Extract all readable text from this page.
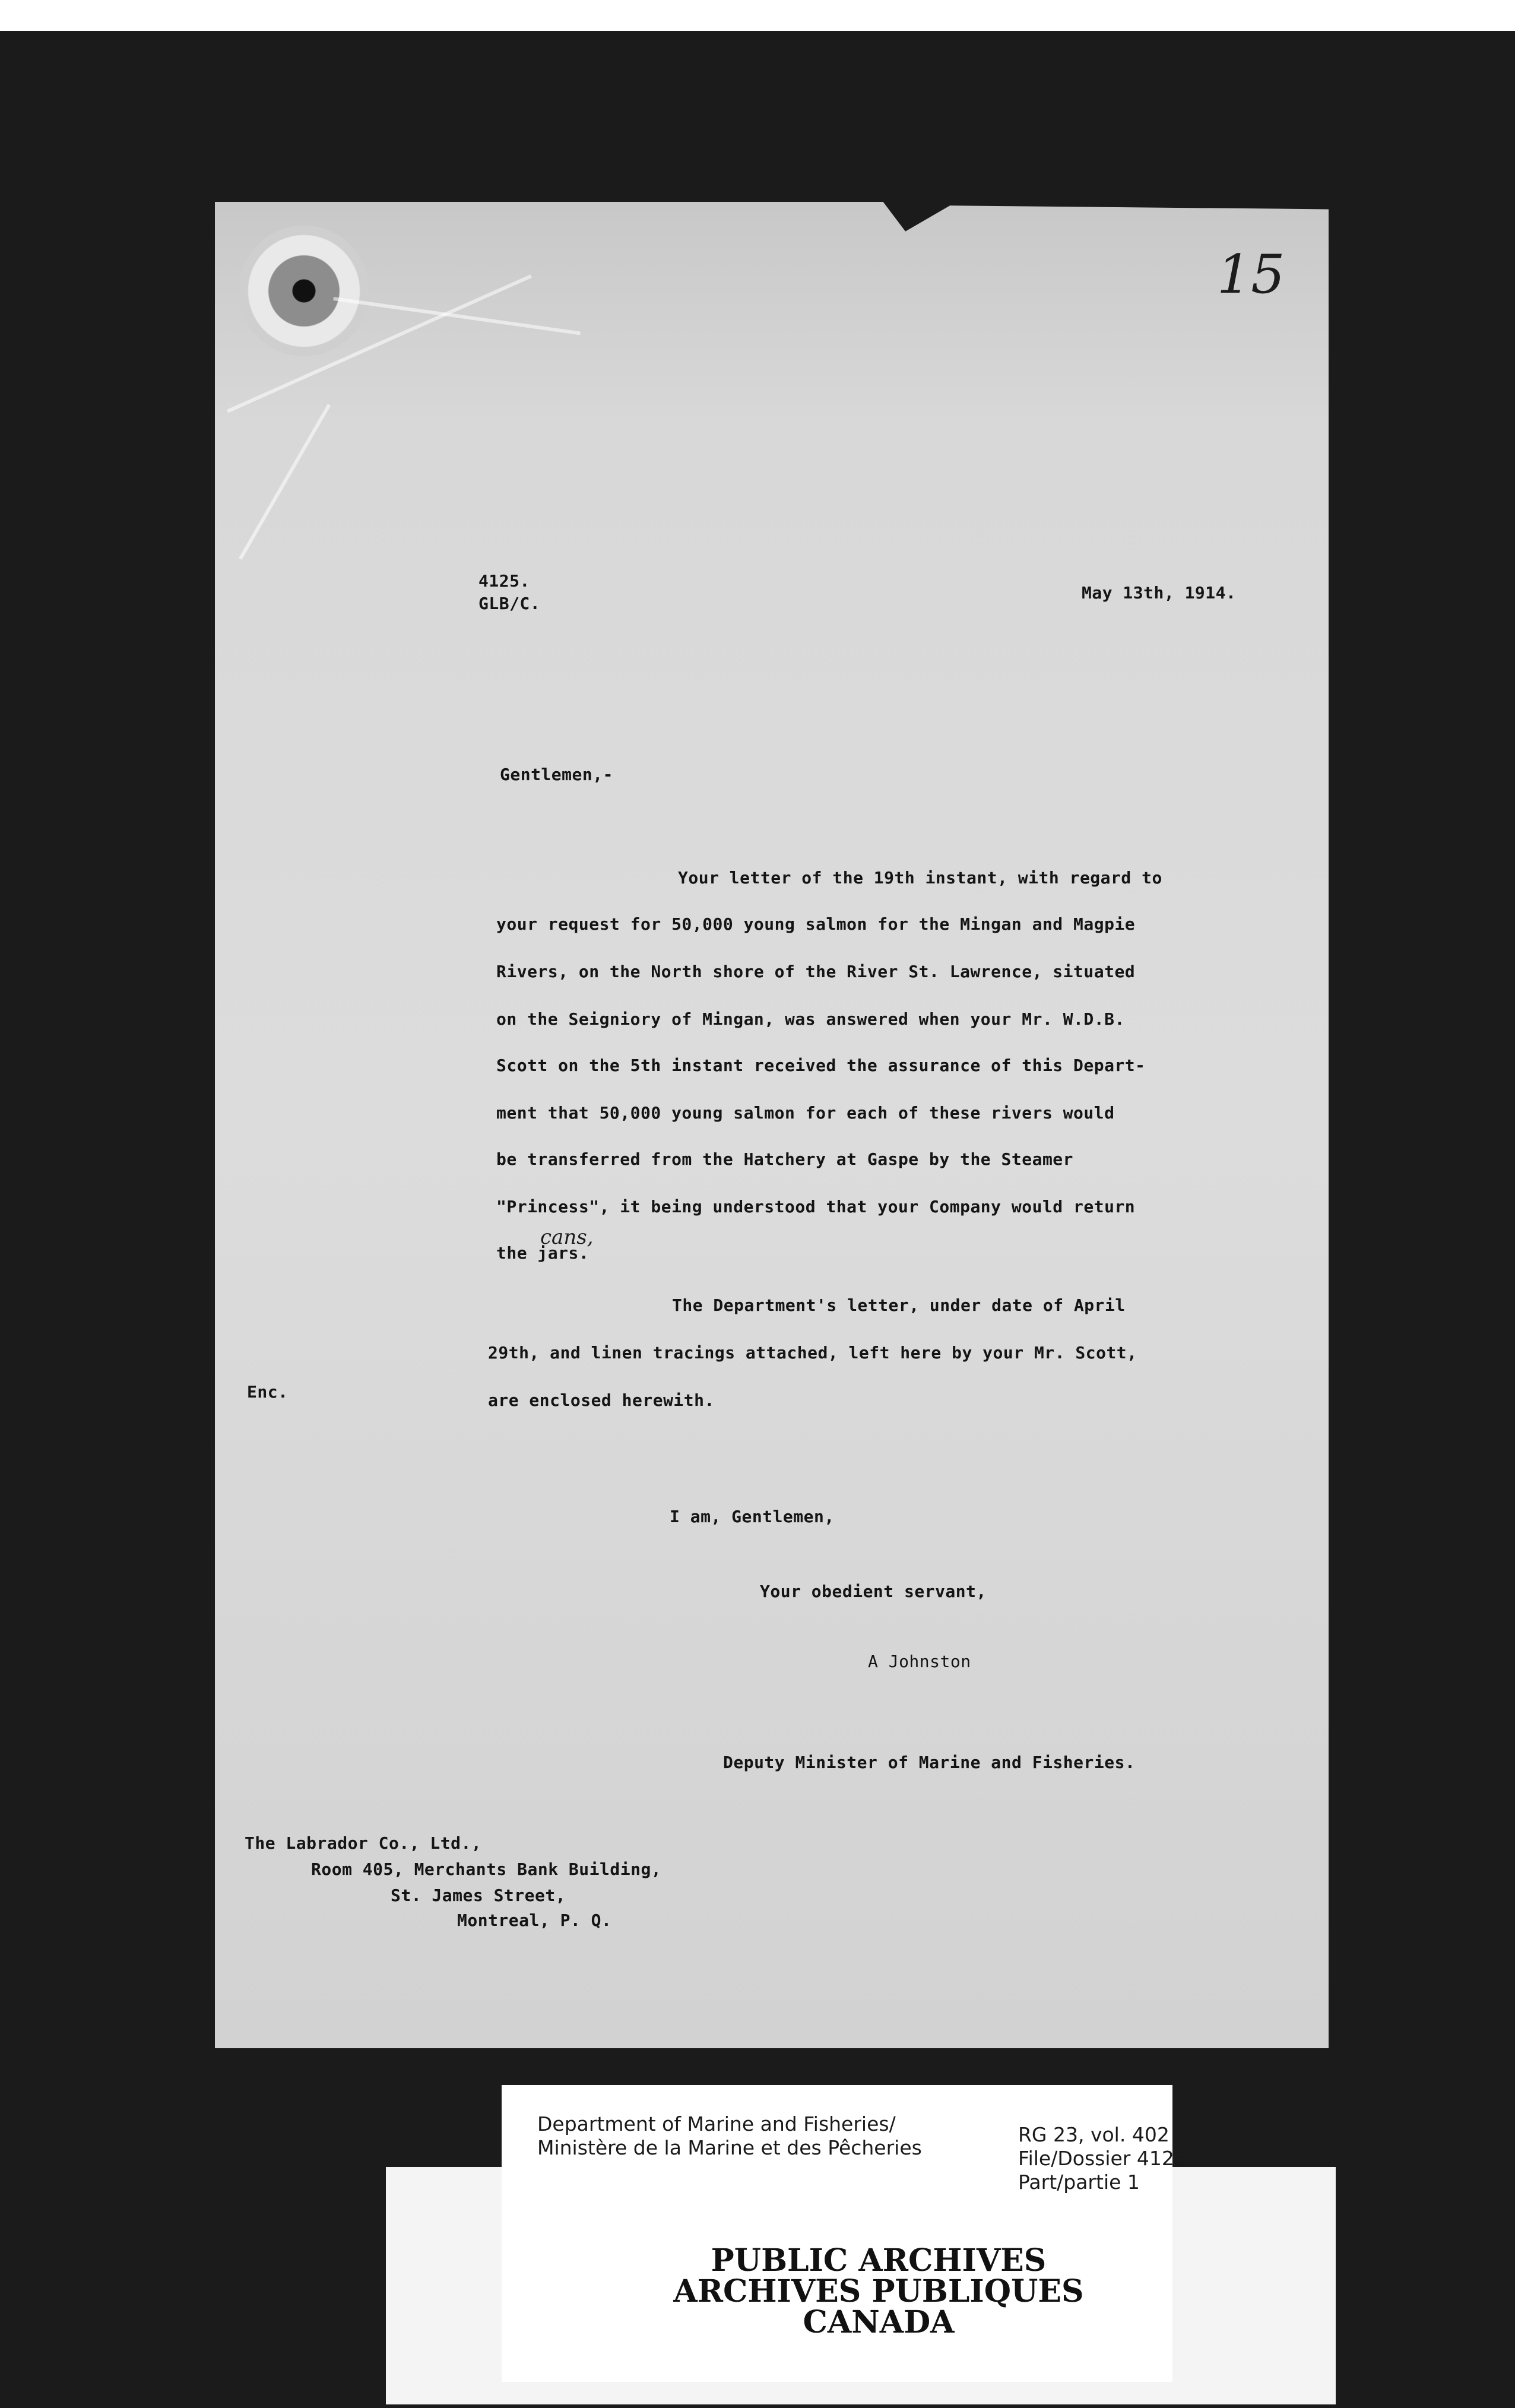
15
4125.
GLB/C.
May 13th, 1914.
Gentlemen,-
Your letter of the 19th instant, with regard to
your request for 50,000 young salmon for the Mingan and Magpie
Rivers, on the North shore of the River St. Lawrence, situated
on the Seigniory of Mingan, was answered when your Mr. W.D.B.
Scott on the 5th instant received the assurance of this Depart-
ment that 50,000 young salmon for each of these rivers would
be transferred from the Hatchery at Gaspe by the Steamer
"Princess", it being understood that your Company would return
the jars.
cans,
The Department's letter, under date of April
29th, and linen tracings attached, left here by your Mr. Scott,
are enclosed herewith.
Enc.
I am, Gentlemen,
Your obedient servant,
A Johnston
Deputy Minister of Marine and Fisheries.
The Labrador Co., Ltd.,
Room 405, Merchants Bank Building,
St. James Street,
Montreal, P. Q.
Department of Marine and Fisheries/
Ministère de la Marine et des Pêcheries
RG 23, vol. 402
File/Dossier 4125
Part/partie 1
PUBLIC ARCHIVES
ARCHIVES PUBLIQUES
CANADA
